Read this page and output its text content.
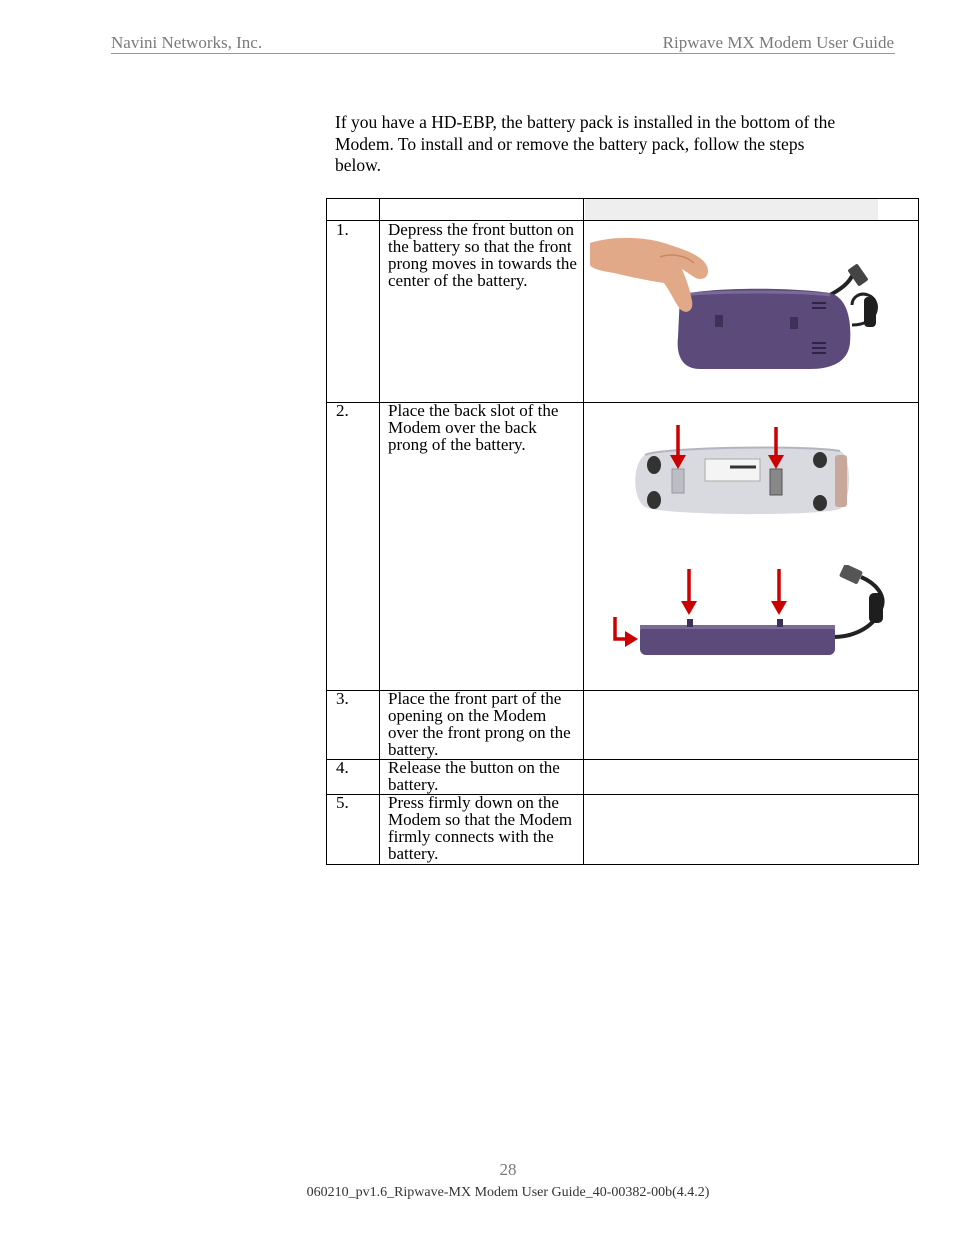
Navini Networks, Inc.	Ripwave MX Modem User Guide
If you have a HD-EBP, the battery pack is installed in the bottom of the Modem. To install and or remove the battery pack, follow the steps below.
1. Depress the front button on the battery so that the front prong moves in towards the center of the battery.
2. Place the back slot of the Modem over the back prong of the battery.
3. Place the front part of the opening on the Modem over the front prong on the battery.
4. Release the button on the battery.
5. Press firmly down on the Modem so that the Modem firmly connects with the battery.
28
060210_pv1.6_Ripwave-MX Modem User Guide_40-00382-00b(4.4.2)
